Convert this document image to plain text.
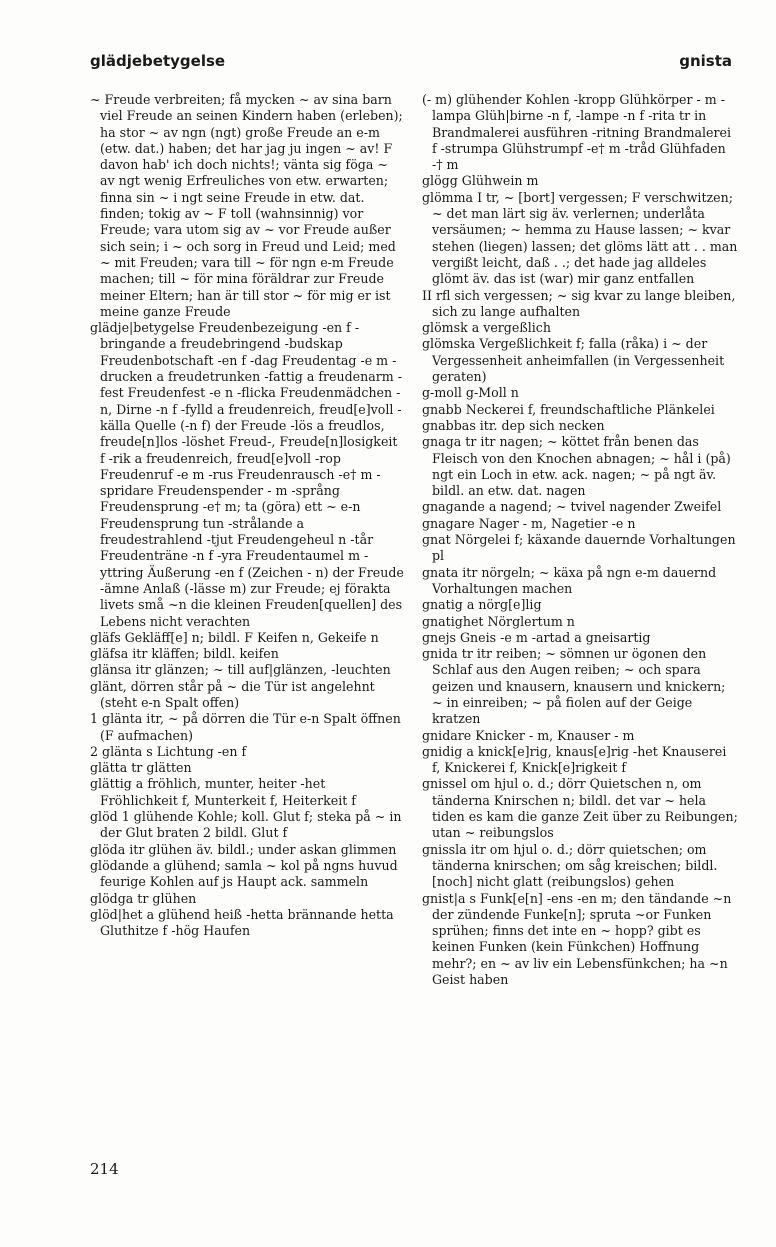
glädjebetygelse	gnista

~ Freude verbreiten; få mycken ~ av sina barn viel Freude an seinen Kindern haben (erleben); ha stor ~ av ngn (ngt) große Freude an e-m (etw. dat.) haben; det har jag ju ingen ~ av! F davon hab' ich doch nichts!; vänta sig föga ~ av ngt wenig Erfreuliches von etw. erwarten; finna sin ~ i ngt seine Freude in etw. dat. finden; tokig av ~ F toll (wahnsinnig) vor Freude; vara utom sig av ~ vor Freude außer sich sein; i ~ och sorg in Freud und Leid; med ~ mit Freuden; vara till ~ för ngn e-m Freude machen; till ~ för mina föräldrar zur Freude meiner Eltern; han är till stor ~ för mig er ist meine ganze Freude

glädje|betygelse Freudenbezeigung -en f -bringande a freudebringend -budskap Freudenbotschaft -en f -dag Freudentag -e m -drucken a freudetrunken -fattig a freudenarm -fest Freudenfest -e n -flicka Freudenmädchen - n, Dirne -n f -fylld a freudenreich, freud[e]voll -källa Quelle (-n f) der Freude -lös a freudlos, freude[n]los -löshet Freud-, Freude[n]losigkeit f -rik a freudenreich, freud[e]voll -rop Freudenruf -e m -rus Freudenrausch -e† m -spridare Freudenspender - m -språng Freudensprung -e† m; ta (göra) ett ~ e-n Freudensprung tun -strålande a freudestrahlend -tjut Freudengeheul n -tår Freudenträne -n f -yra Freudentaumel m -yttring Äußerung -en f (Zeichen - n) der Freude -ämne Anlaß (-lässe m) zur Freude; ej förakta livets små ~n die kleinen Freuden[quellen] des Lebens nicht verachten

gläfs Gekläff[e] n; bildl. F Keifen n, Gekeife n

gläfsa itr kläffen; bildl. keifen

glänsa itr glänzen; ~ till auf|glänzen, -leuchten

glänt, dörren står på ~ die Tür ist angelehnt (steht e-n Spalt offen)

1 glänta itr, ~ på dörren die Tür e-n Spalt öffnen (F aufmachen)

2 glänta s Lichtung -en f

glätta tr glätten

glättig a fröhlich, munter, heiter -het Fröhlichkeit f, Munterkeit f, Heiterkeit f

glöd 1 glühende Kohle; koll. Glut f; steka på ~ in der Glut braten 2 bildl. Glut f

glöda itr glühen äv. bildl.; under askan glimmen

glödande a glühend; samla ~ kol på ngns huvud feurige Kohlen auf js Haupt ack. sammeln

glödga tr glühen

glöd|het a glühend heiß -hetta brännande hetta Gluthitze f -hög Haufen

(- m) glühender Kohlen -kropp Glühkörper - m -lampa Glüh|birne -n f, -lampe -n f -rita tr in Brandmalerei ausführen -ritning Brandmalerei f -strumpa Glühstrumpf -e† m -tråd Glühfaden -† m

glögg Glühwein m

glömma I tr, ~ [bort] vergessen; F verschwitzen; ~ det man lärt sig äv. verlernen; underlåta versäumen; ~ hemma zu Hause lassen; ~ kvar stehen (liegen) lassen; det glöms lätt att . . man vergißt leicht, daß . .; det hade jag alldeles glömt äv. das ist (war) mir ganz entfallen

II rfl sich vergessen; ~ sig kvar zu lange bleiben, sich zu lange aufhalten

glömsk a vergeßlich

glömska Vergeßlichkeit f; falla (råka) i ~ der Vergessenheit anheimfallen (in Vergessenheit geraten)

g-moll g-Moll n

gnabb Neckerei f, freundschaftliche Plänkelei

gnabbas itr. dep sich necken

gnaga tr itr nagen; ~ köttet från benen das Fleisch von den Knochen abnagen; ~ hål i (på) ngt ein Loch in etw. ack. nagen; ~ på ngt äv. bildl. an etw. dat. nagen

gnagande a nagend; ~ tvivel nagender Zweifel

gnagare Nager - m, Nagetier -e n

gnat Nörgelei f; käxande dauernde Vorhaltungen pl

gnata itr nörgeln; ~ käxa på ngn e-m dauernd Vorhaltungen machen

gnatig a nörg[e]lig

gnatighet Nörglertum n

gnejs Gneis -e m -artad a gneisartig

gnida tr itr reiben; ~ sömnen ur ögonen den Schlaf aus den Augen reiben; ~ och spara geizen und knausern, knausern und knickern; ~ in einreiben; ~ på fiolen auf der Geige kratzen

gnidare Knicker - m, Knauser - m

gnidig a knick[e]rig, knaus[e]rig -het Knauserei f, Knickerei f, Knick[e]rigkeit f

gnissel om hjul o. d.; dörr Quietschen n, om tänderna Knirschen n; bildl. det var ~ hela tiden es kam die ganze Zeit über zu Reibungen; utan ~ reibungslos

gnissla itr om hjul o. d.; dörr quietschen; om tänderna knirschen; om såg kreischen; bildl. [noch] nicht glatt (reibungslos) gehen

gnist|a s Funk[e[n] -ens -en m; den tändande ~n der zündende Funke[n]; spruta ~or Funken sprühen; finns det inte en ~ hopp? gibt es keinen Funken (kein Fünkchen) Hoffnung mehr?; en ~ av liv ein Lebensfünkchen; ha ~n Geist haben

214
